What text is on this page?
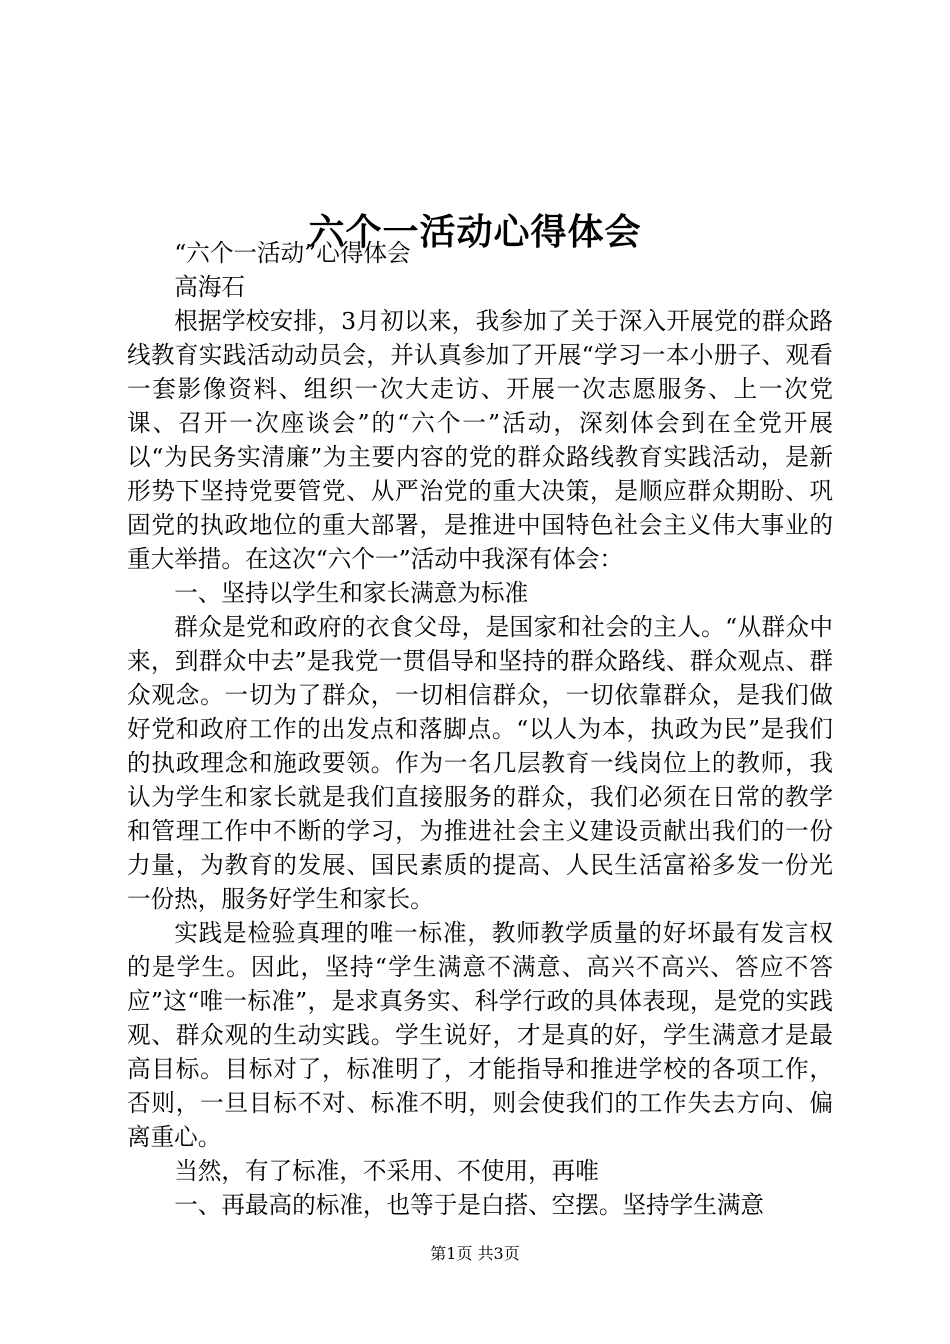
六个一活动心得体会

“六个一活动”心得体会

高海石

根据学校安排，3月初以来，我参加了关于深入开展党的群众路线教育实践活动动员会，并认真参加了开展“学习一本小册子、观看一套影像资料、组织一次大走访、开展一次志愿服务、上一次党课、召开一次座谈会”的“六个一”活动，深刻体会到在全党开展以“为民务实清廉”为主要内容的党的群众路线教育实践活动，是新形势下坚持党要管党、从严治党的重大决策，是顺应群众期盼、巩固党的执政地位的重大部署，是推进中国特色社会主义伟大事业的重大举措。在这次“六个一”活动中我深有体会：

一、坚持以学生和家长满意为标准

群众是党和政府的衣食父母，是国家和社会的主人。“从群众中来，到群众中去”是我党一贯倡导和坚持的群众路线、群众观点、群众观念。一切为了群众，一切相信群众，一切依靠群众，是我们做好党和政府工作的出发点和落脚点。“以人为本，执政为民”是我们的执政理念和施政要领。作为一名几层教育一线岗位上的教师，我认为学生和家长就是我们直接服务的群众，我们必须在日常的教学和管理工作中不断的学习，为推进社会主义建设贡献出我们的一份力量，为教育的发展、国民素质的提高、人民生活富裕多发一份光一份热，服务好学生和家长。

实践是检验真理的唯一标准，教师教学质量的好坏最有发言权的是学生。因此，坚持“学生满意不满意、高兴不高兴、答应不答应”这“唯一标准”，是求真务实、科学行政的具体表现，是党的实践观、群众观的生动实践。学生说好，才是真的好，学生满意才是最高目标。目标对了，标准明了，才能指导和推进学校的各项工作，否则，一旦目标不对、标准不明，则会使我们的工作失去方向、偏离重心。

当然，有了标准，不采用、不使用，再唯

一、再最高的标准，也等于是白搭、空摆。坚持学生满意

第1页 共3页
